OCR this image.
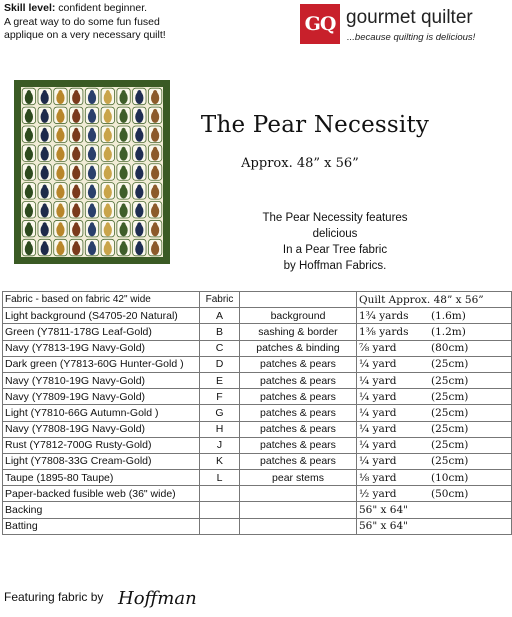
Skill level: confident beginner.
A great way to do some fun fused applique on a very necessary quilt!	GQ gourmet quilter
...because quilting is delicious!
The Pear Necessity
Approx. 48” x 56”
The Pear Necessity features delicious
In a Pear Tree fabric
by Hoffman Fabrics.
Fabric - based on fabric 42" wide	Fabric		Quilt Approx. 48” x 56”
Light background (S4705-20 Natural)	A	background	1¾ yards (1.6m)
Green (Y7811-178G Leaf-Gold)	B	sashing & border	1⅜ yards (1.2m)
Navy (Y7813-19G Navy-Gold)	C	patches & binding	⅞ yard (80cm)
Dark green (Y7813-60G Hunter-Gold )	D	patches & pears	¼ yard (25cm)
Navy (Y7810-19G Navy-Gold)	E	patches & pears	¼ yard (25cm)
Navy (Y7809-19G Navy-Gold)	F	patches & pears	¼ yard (25cm)
Light (Y7810-66G Autumn-Gold )	G	patches & pears	¼ yard (25cm)
Navy (Y7808-19G Navy-Gold)	H	patches & pears	¼ yard (25cm)
Rust (Y7812-700G Rusty-Gold)	J	patches & pears	¼ yard (25cm)
Light (Y7808-33G Cream-Gold)	K	patches & pears	¼ yard (25cm)
Taupe (1895-80 Taupe)	L	pear stems	⅛ yard (10cm)
Paper-backed fusible web (36" wide)			½ yard (50cm)
Backing			56" x 64"
Batting			56" x 64"
Featuring fabric by Hoffman
